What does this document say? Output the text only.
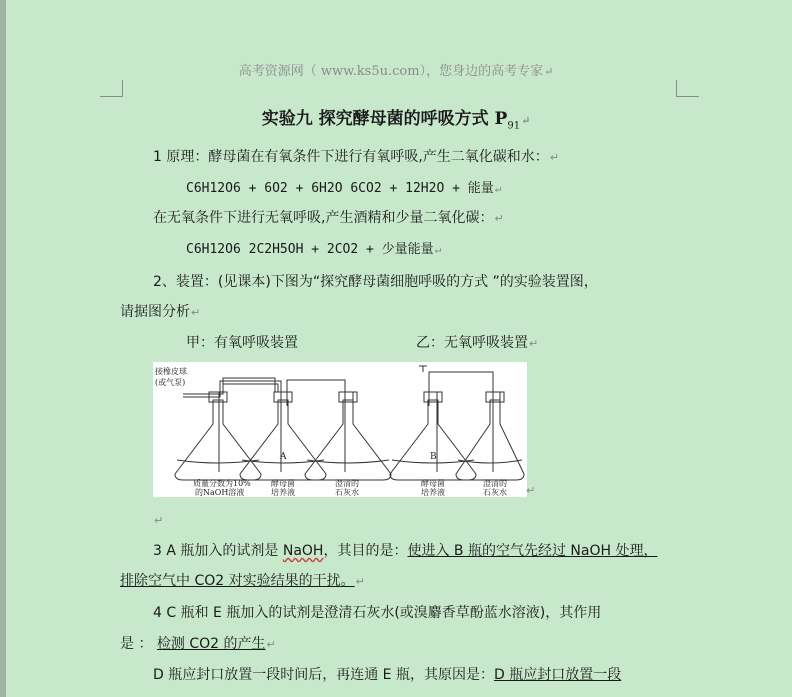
高考资源网（ www.ks5u.com），您身边的高考专家↵
实验九 探究酵母菌的呼吸方式 $P_{91}↵$
1 原理：酵母菌在有氧条件下进行有氧呼吸,产生二氧化碳和水：↵
C6H12O6 + 6O2 + 6H2O 6CO2 + 12H2O + 能量↵
在无氧条件下进行无氧呼吸,产生酒精和少量二氧化碳：↵
C6H12O6 2C2H5OH + 2CO2 + 少量能量↵
2、装置：(见课本)下图为“探究酵母菌细胞呼吸的方式 ”的实验装置图，
请据图分析↵
甲：有氧呼吸装置	乙：无氧呼吸装置↵
接橡皮球
(或气泵)
A	B
质量分数为10%
的NaOH溶液
酵母菌
培养液
澄清的
石灰水
酵母菌
培养液
澄清的
石灰水 ↵
↵
3 A 瓶加入的试剂是 NaOH，其目的是：使进入 B 瓶的空气先经过 NaOH 处理，
排除空气中 CO2 对实验结果的干扰。↵
4 C 瓶和 E 瓶加入的试剂是澄清石灰水(或溴麝香草酚蓝水溶液)，其作用
是 ： 检测 CO2 的产生↵
D 瓶应封口放置一段时间后，再连通 E 瓶，其原因是：D 瓶应封口放置一段
